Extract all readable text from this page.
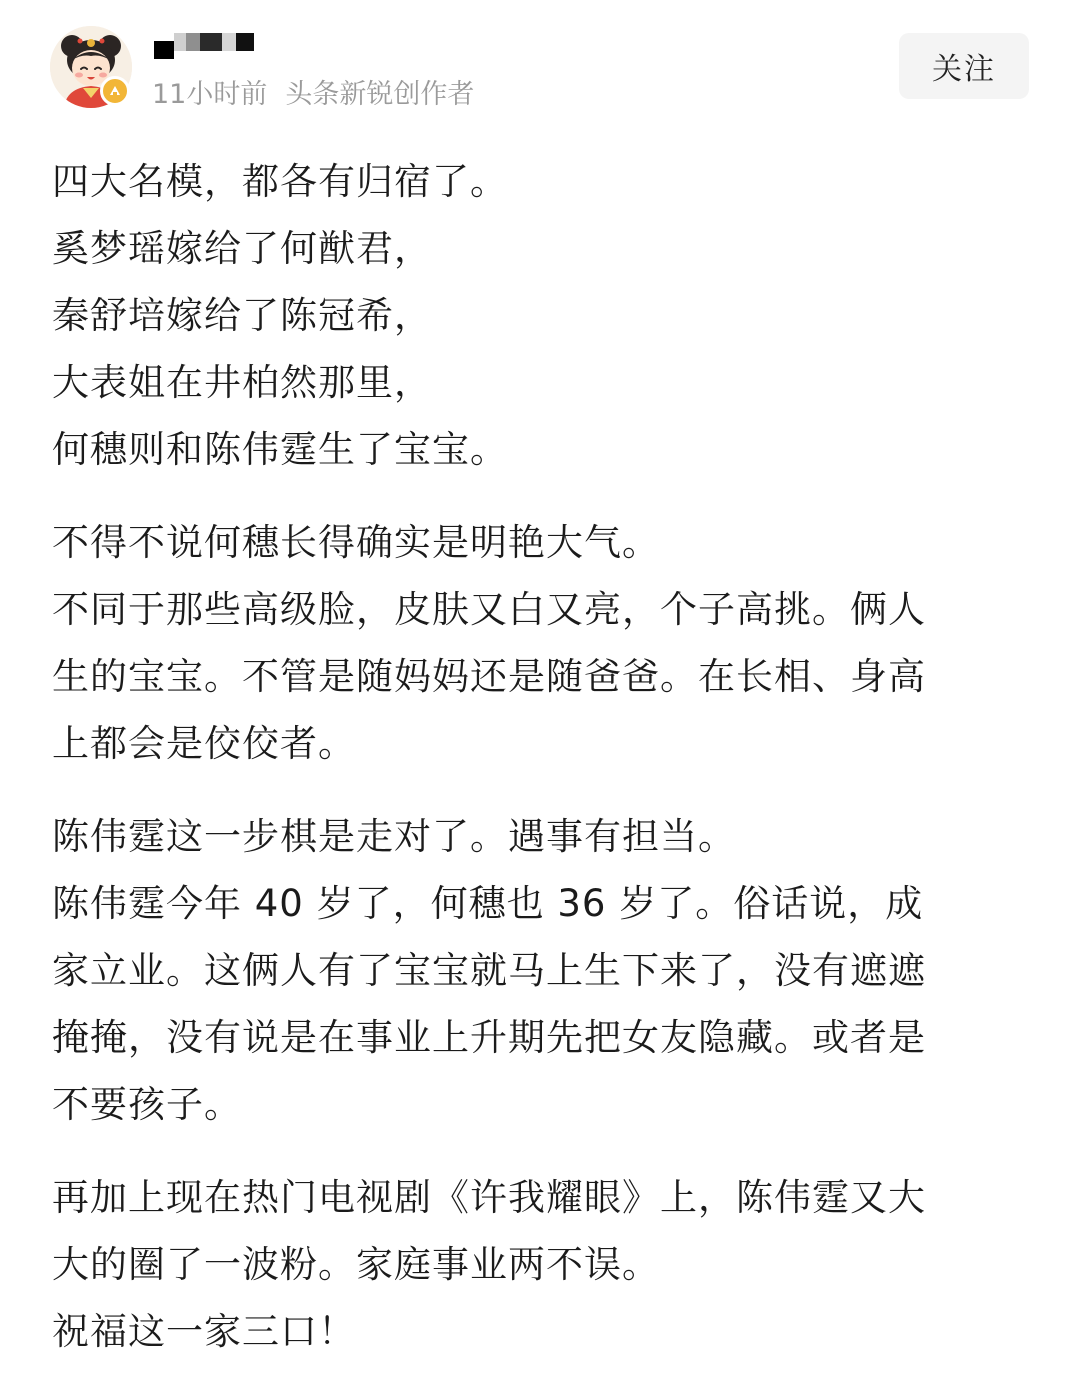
11小时前 头条新锐创作者
关注
四大名模，都各有归宿了。
奚梦瑶嫁给了何猷君，
秦舒培嫁给了陈冠希，
大表姐在井柏然那里，
何穗则和陈伟霆生了宝宝。
不得不说何穗长得确实是明艳大气。
不同于那些高级脸，皮肤又白又亮，个子高挑。俩人
生的宝宝。不管是随妈妈还是随爸爸。在长相、身高
上都会是佼佼者。
陈伟霆这一步棋是走对了。遇事有担当。
陈伟霆今年 40 岁了，何穗也 36 岁了。俗话说，成
家立业。这俩人有了宝宝就马上生下来了，没有遮遮
掩掩，没有说是在事业上升期先把女友隐藏。或者是
不要孩子。
再加上现在热门电视剧《许我耀眼》上，陈伟霆又大
大的圈了一波粉。家庭事业两不误。
祝福这一家三口！
